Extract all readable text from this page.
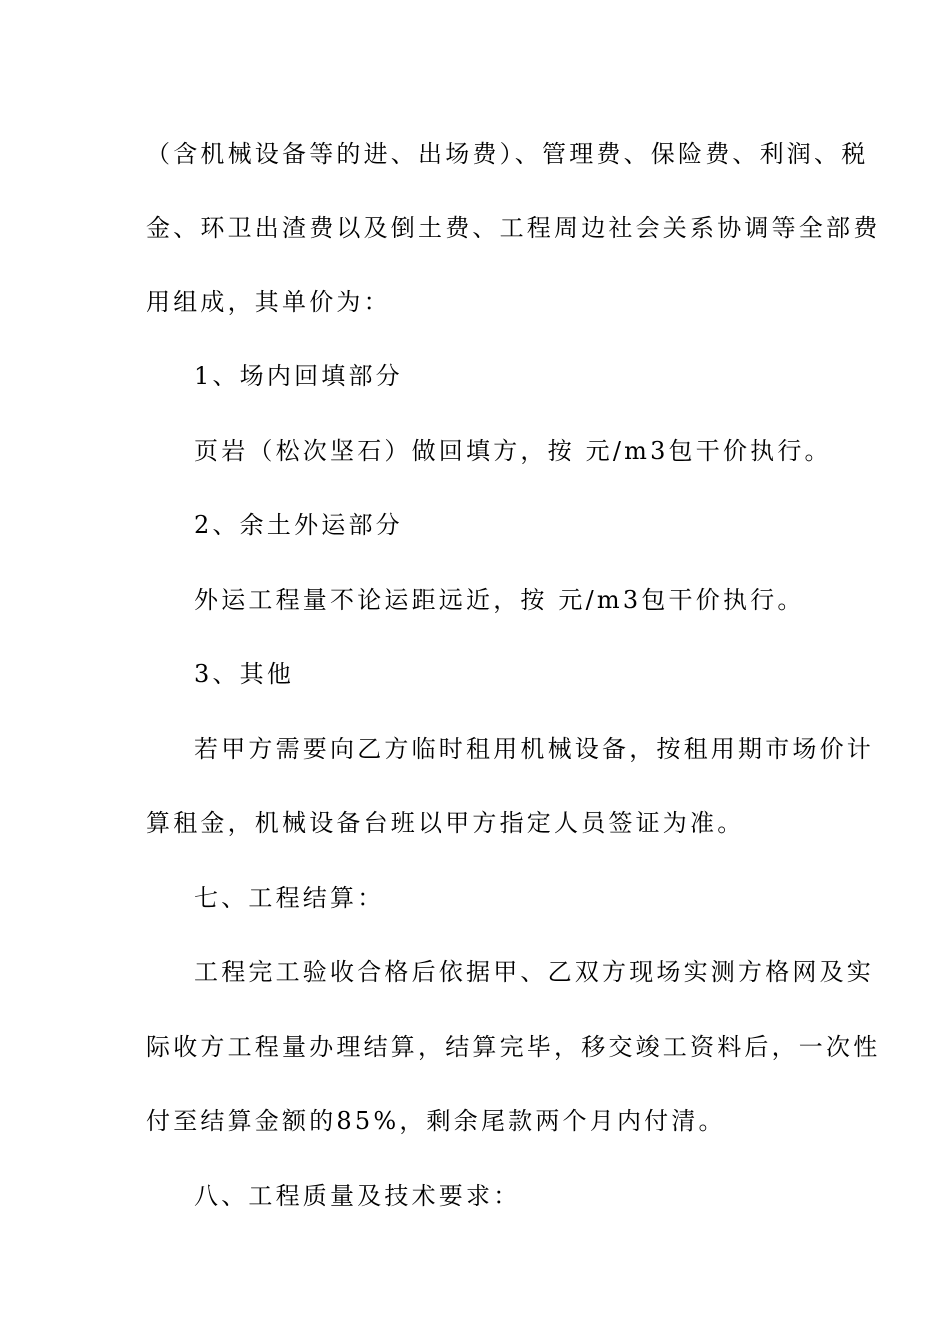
（含机械设备等的进、出场费）、管理费、保险费、利润、税
金、环卫出渣费以及倒土费、工程周边社会关系协调等全部费
用组成，其单价为：
1、场内回填部分
页岩（松次坚石）做回填方，按 元/m3包干价执行。
2、余土外运部分
外运工程量不论运距远近，按 元/m3包干价执行。
3、其他
若甲方需要向乙方临时租用机械设备，按租用期市场价计
算租金，机械设备台班以甲方指定人员签证为准。
七、工程结算：
工程完工验收合格后依据甲、乙双方现场实测方格网及实
际收方工程量办理结算，结算完毕，移交竣工资料后，一次性
付至结算金额的85%，剩余尾款两个月内付清。
八、工程质量及技术要求：
